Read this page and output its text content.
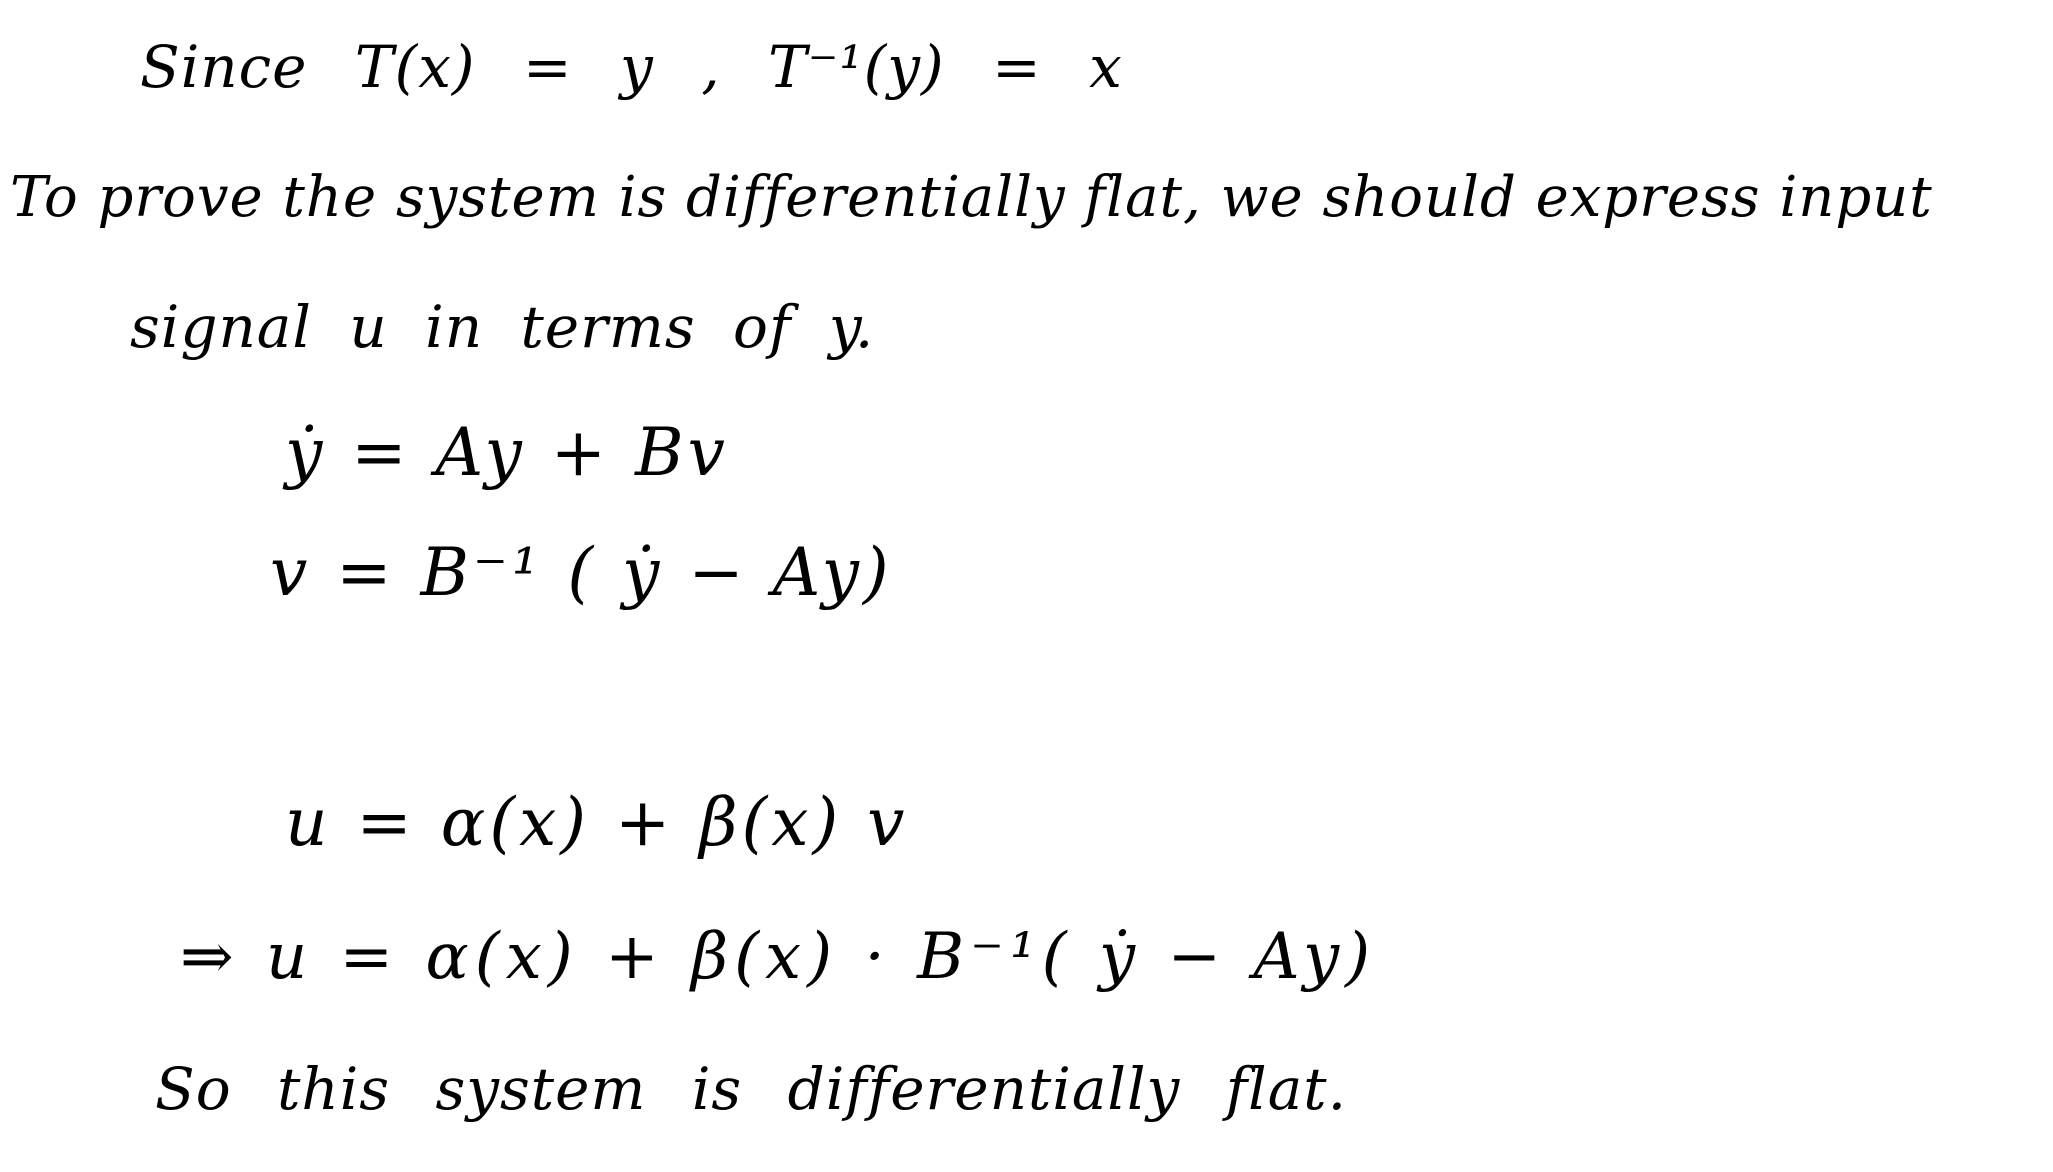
Since T(x) = y , T⁻¹(y) = x
To prove the system is differentially flat, we should express input
signal u in terms of y.
ẏ = Ay + Bv
v = B⁻¹ ( ẏ − Ay)
u = α(x) + β(x) v
⇒ u = α(x) + β(x) · B⁻¹( ẏ − Ay)
So this system is differentially flat.
